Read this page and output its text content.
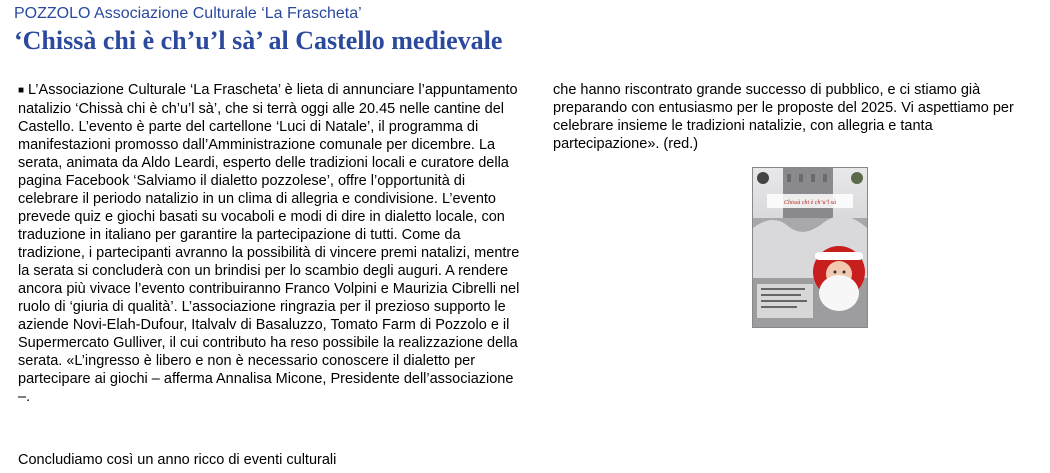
POZZOLO Associazione Culturale ‘La Frascheta’
‘Chissà chi è ch’u’l sà’ al Castello medievale

■ L’Associazione Culturale ‘La Frascheta’ è lieta di annunciare l’appuntamento natalizio ‘Chissà chi è ch’u’l sà’, che si terrà oggi alle 20.45 nelle cantine del Castello. L’evento è parte del cartellone ‘Luci di Natale’, il programma di manifestazioni promosso dall’Amministrazione comunale per dicembre. La serata, animata da Aldo Leardi, esperto delle tradizioni locali e curatore della pagina Facebook ‘Salviamo il dialetto pozzolese’, offre l’opportunità di celebrare il periodo natalizio in un clima di allegria e condivisione. L’evento prevede quiz e giochi basati su vocaboli e modi di dire in dialetto locale, con traduzione in italiano per garantire la partecipazione di tutti. Come da tradizione, i partecipanti avranno la possibilità di vincere premi natalizi, mentre la serata si concluderà con un brindisi per lo scambio degli auguri. A rendere ancora più vivace l’evento contribuiranno Franco Volpini e Maurizia Cibrelli nel ruolo di ‘giuria di qualità’. L’associazione ringrazia per il prezioso supporto le aziende Novi-Elah-Dufour, Italvalv di Basaluzzo, Tomato Farm di Pozzolo e il Supermercato Gulliver, il cui contributo ha reso possibile la realizzazione della serata. «L’ingresso è libero e non è necessario conoscere il dialetto per partecipare ai giochi – afferma Annalisa Micone, Presidente dell’associazione –.

Concludiamo così un anno ricco di eventi culturali

che hanno riscontrato grande successo di pubblico, e ci stiamo già preparando con entusiasmo per le proposte del 2025. Vi aspettiamo per celebrare insieme le tradizioni natalizie, con allegria e tanta partecipazione». (red.)

Chissà chi è ch’u’l sà
